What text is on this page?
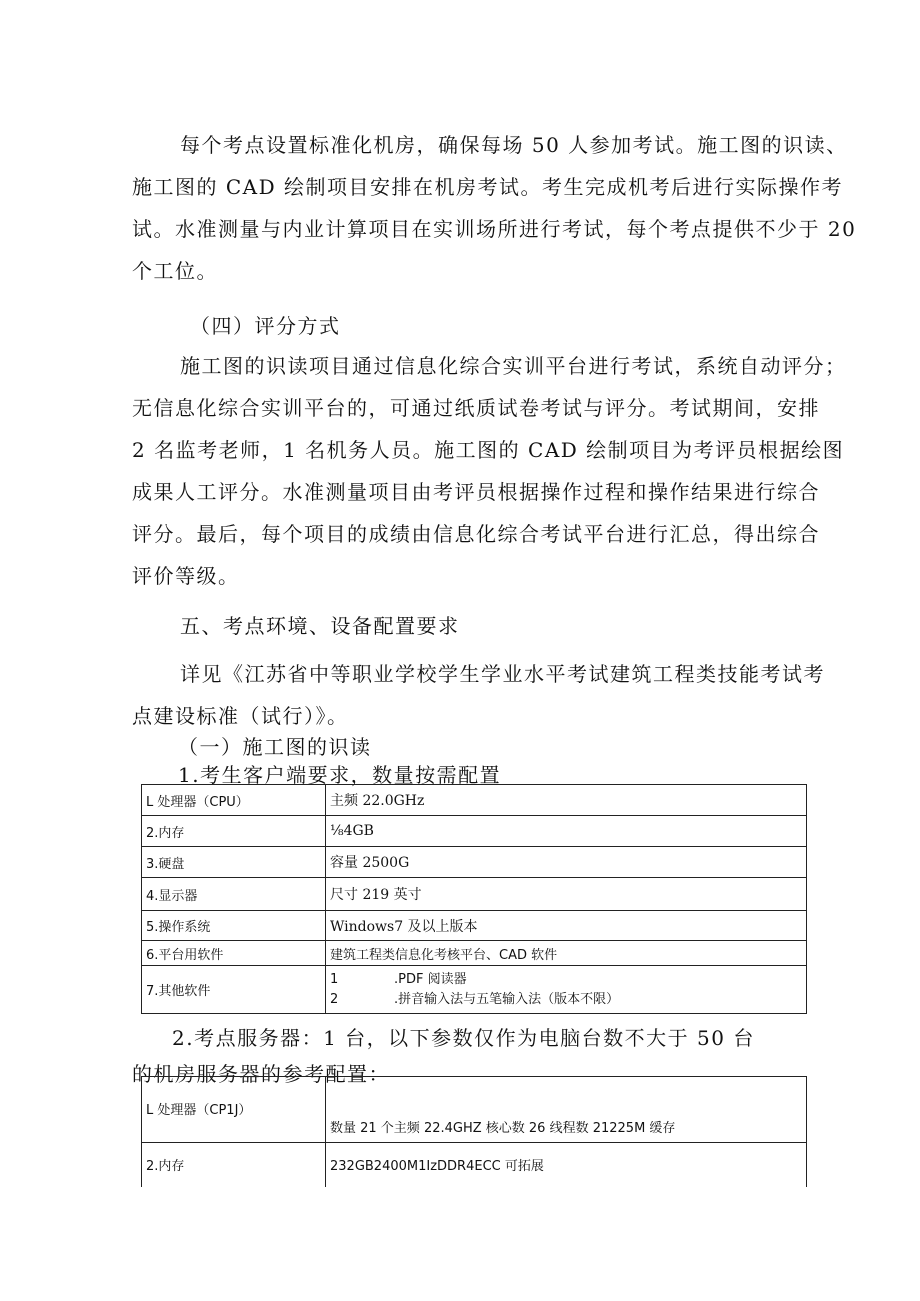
每个考点设置标准化机房，确保每场 50 人参加考试。施工图的识读、
施工图的 CAD 绘制项目安排在机房考试。考生完成机考后进行实际操作考
试。水准测量与内业计算项目在实训场所进行考试，每个考点提供不少于 20
个工位。
（四）评分方式
施工图的识读项目通过信息化综合实训平台进行考试，系统自动评分；
无信息化综合实训平台的，可通过纸质试卷考试与评分。考试期间，安排
2 名监考老师，1 名机务人员。施工图的 CAD 绘制项目为考评员根据绘图
成果人工评分。水准测量项目由考评员根据操作过程和操作结果进行综合
评分。最后，每个项目的成绩由信息化综合考试平台进行汇总，得出综合
评价等级。
五、考点环境、设备配置要求
详见《江苏省中等职业学校学生学业水平考试建筑工程类技能考试考
点建设标准（试行）》。
（一）施工图的识读
1.考生客户端要求，数量按需配置
L 处理器（CPU）	主频 22.0GHz
2.内存	⅛4GB
3.硬盘	容量 2500G
4.显示器	尺寸 219 英寸
5.操作系统	Windows7 及以上版本
6.平台用软件	建筑工程类信息化考核平台、CAD 软件
7.其他软件	1 .PDF 阅读器
2 .拼音输入法与五笔输入法（版本不限）
2.考点服务器：1 台，以下参数仅作为电脑台数不大于 50 台
的机房服务器的参考配置：
L 处理器（CP1J）	数量 21 个主频 22.4GHZ 核心数 26 线程数 21225M 缓存
2.内存	232GB2400M1IzDDR4ECC 可拓展
